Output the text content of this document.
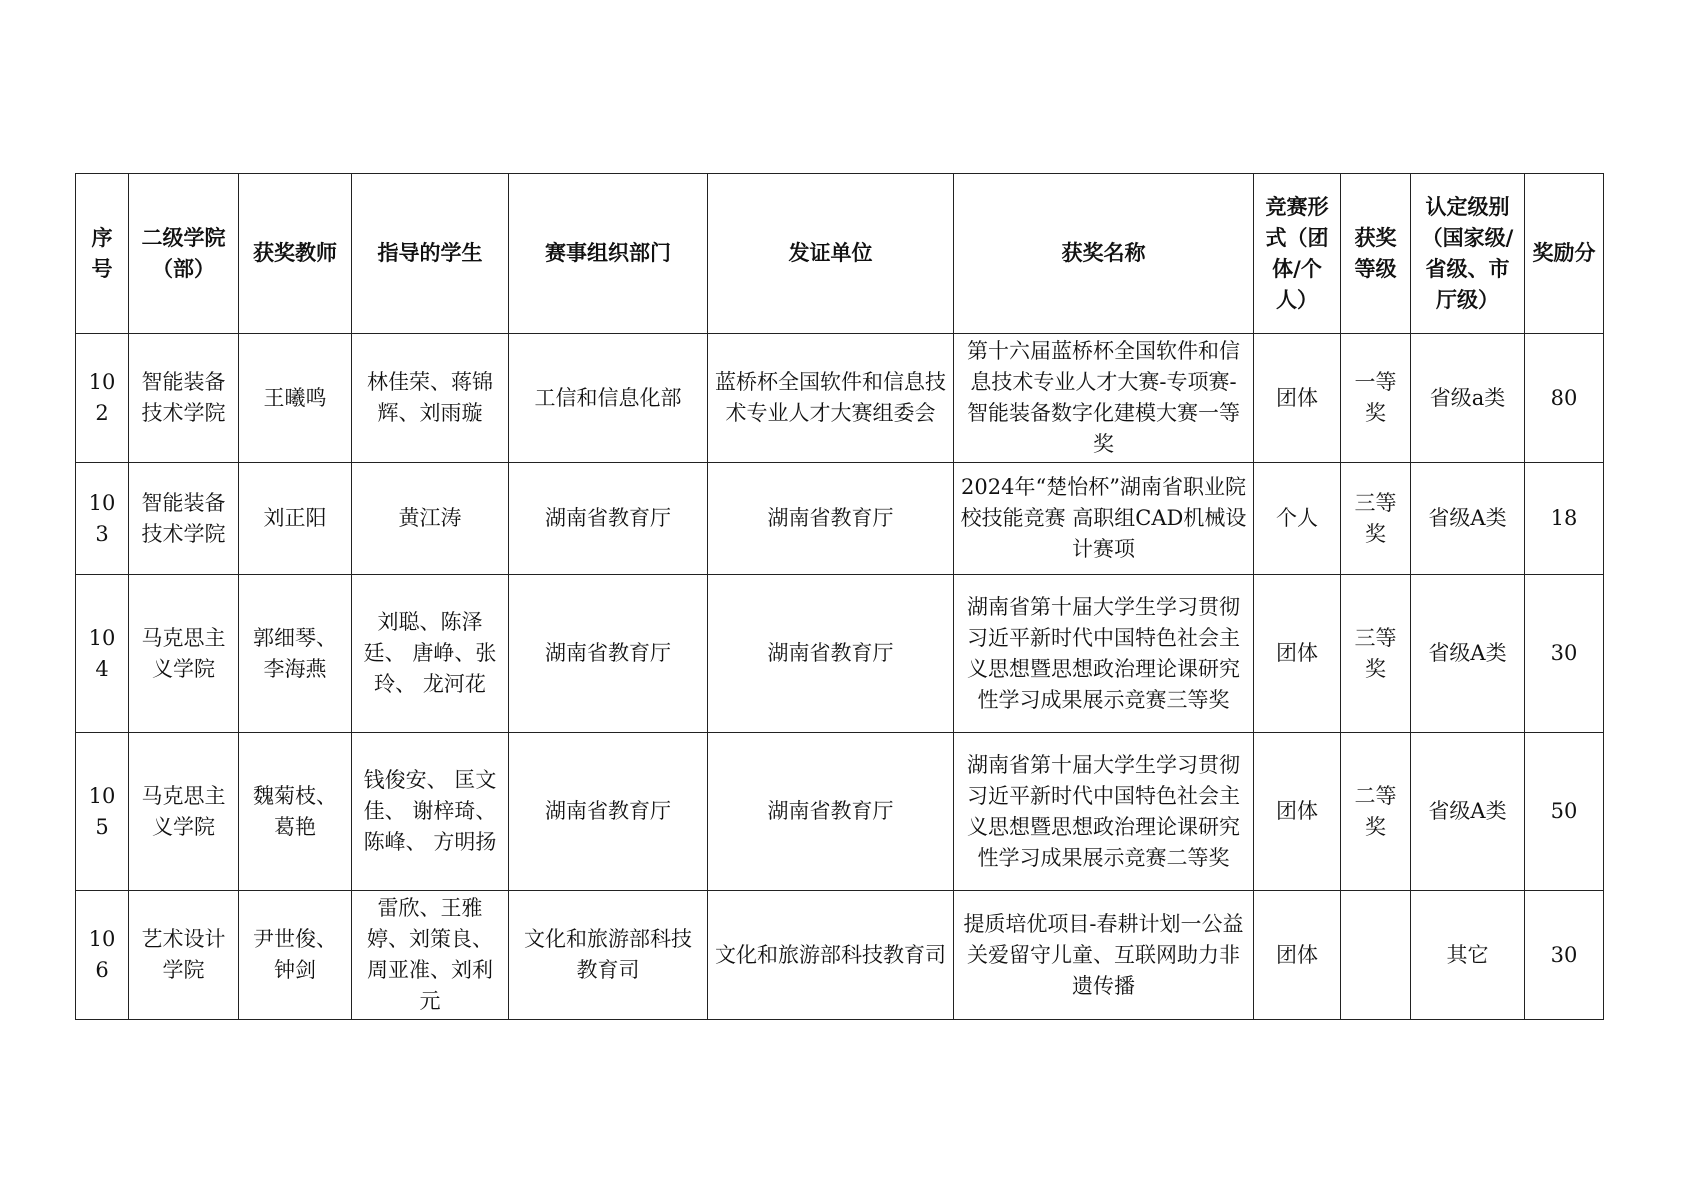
序号	二级学院（部）	获奖教师	指导的学生	赛事组织部门	发证单位	获奖名称	竞赛形式（团体/个人）	获奖等级	认定级别（国家级/省级、市厅级）	奖励分
102	智能装备技术学院	王曦鸣	林佳荣、蒋锦辉、刘雨璇	工信和信息化部	蓝桥杯全国软件和信息技术专业人才大赛组委会	第十六届蓝桥杯全国软件和信息技术专业人才大赛-专项赛-智能装备数字化建模大赛一等奖	团体	一等奖	省级a类	80
103	智能装备技术学院	刘正阳	黄江涛	湖南省教育厅	湖南省教育厅	2024年“楚怡杯”湖南省职业院校技能竞赛 高职组CAD机械设计赛项	个人	三等奖	省级A类	18
104	马克思主义学院	郭细琴、李海燕	刘聪、陈泽廷、 唐峥、张玲、 龙河花	湖南省教育厅	湖南省教育厅	湖南省第十届大学生学习贯彻习近平新时代中国特色社会主义思想暨思想政治理论课研究性学习成果展示竞赛三等奖	团体	三等奖	省级A类	30
105	马克思主义学院	魏菊枝、葛艳	钱俊安、 匡文佳、 谢梓琦、 陈峰、 方明扬	湖南省教育厅	湖南省教育厅	湖南省第十届大学生学习贯彻习近平新时代中国特色社会主义思想暨思想政治理论课研究性学习成果展示竞赛二等奖	团体	二等奖	省级A类	50
106	艺术设计学院	尹世俊、钟剑	雷欣、王雅婷、刘策良、周亚准、刘利元	文化和旅游部科技教育司	文化和旅游部科技教育司	提质培优项目-春耕计划一公益关爱留守儿童、互联网助力非遗传播	团体		其它	30
